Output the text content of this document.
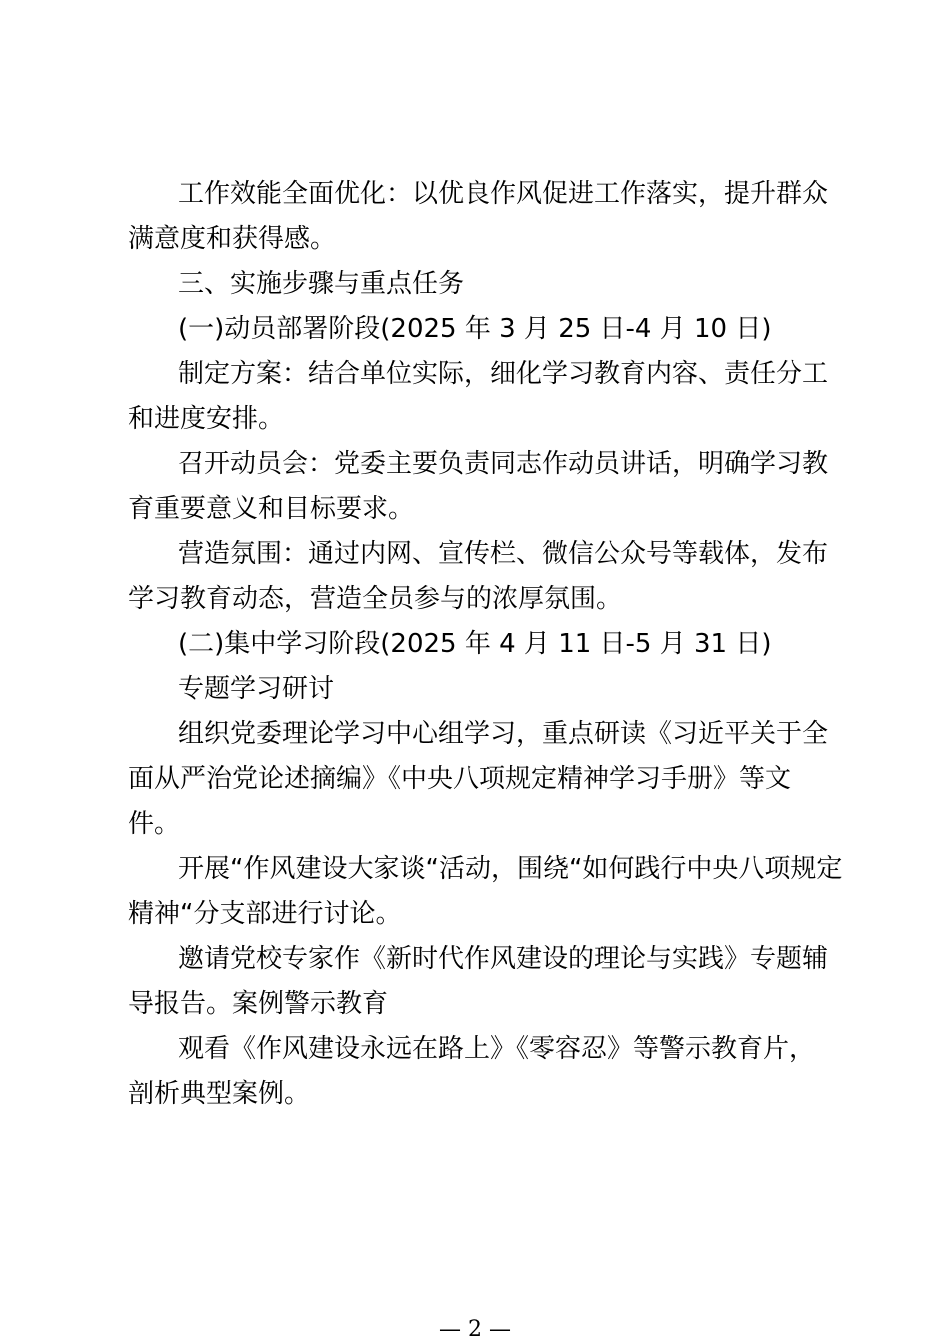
工作效能全面优化：以优良作风促进工作落实，提升群众
满意度和获得感。
三、实施步骤与重点任务
(一)动员部署阶段(2025 年 3 月 25 日-4 月 10 日)
制定方案：结合单位实际，细化学习教育内容、责任分工
和进度安排。
召开动员会：党委主要负责同志作动员讲话，明确学习教
育重要意义和目标要求。
营造氛围：通过内网、宣传栏、微信公众号等载体，发布
学习教育动态，营造全员参与的浓厚氛围。
(二)集中学习阶段(2025 年 4 月 11 日-5 月 31 日)
专题学习研讨
组织党委理论学习中心组学习，重点研读《习近平关于全
面从严治党论述摘编》《中央八项规定精神学习手册》等文
件。
开展“作风建设大家谈“活动，围绕“如何践行中央八项规定
精神“分支部进行讨论。
邀请党校专家作《新时代作风建设的理论与实践》专题辅
导报告。案例警示教育
观看《作风建设永远在路上》《零容忍》等警示教育片，
剖析典型案例。
— 2 —
